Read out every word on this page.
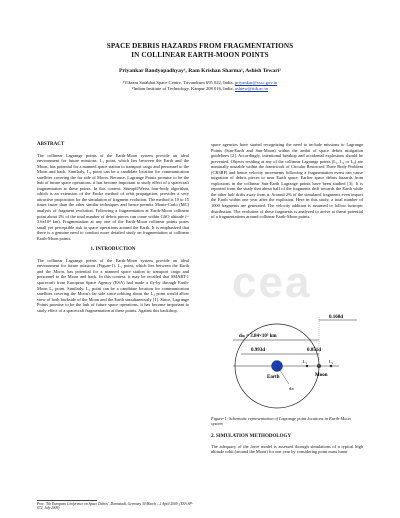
SPACE DEBRIS HAZARDS FROM FRAGMENTATIONS
IN COLLINEAR EARTH-MOON POINTS
Priyankar Bandyopadhyay¹, Ram Krishan Sharma¹, Ashish Tewari²
¹Vikram Sarabhai Space Centre, Trivandrum 695 022, India, priyankar@vssc.gov.in
²Indian Institute of Technology, Kanpur 208 016, India, ashtew@iitk.ac.in
ABSTRACT

The collinear Lagrange points of the Earth-Moon system provide an ideal environment for future missions. L₁ point, which lies between the Earth and the Moon, has potential for a manned space station to transport cargo and personnel to the Moon and back. Similarly, L₂ point can be a candidate location for communication satellites covering the far side of Moon. Because, Lagrange Points promise to be the hub of future space operations, it has become important to study effect of a spacecraft fragmentation at these points. In this context, Stumpff/Weiss four-body algorithm, which is an extension of the Encke method of orbit propagation, provides a very attractive proposition for the simulation of fragment evolution. The method is 10 to 15 times faster than the other similar techniques and hence permits Monte-Carlo (MC) analysis of fragment evolution. Following a fragmentation at Earth-Moon collinear point about 2% of the total number of debris pieces can come within GSO altitude (~ 3.6x10⁴ km). Fragmentation at any one of the Earth-Moon collinear points poses small yet perceptible risk to space operations around the Earth. It is emphasized that there is a genuine need to conduct more detailed study on fragmentation at collinear Earth-Moon points.

1. INTRODUCTION

The collinear Lagrange points of the Earth-Moon system provide an ideal environment for future missions (Figure-1). L₁ point, which lies between the Earth and the Moon, has potential for a manned space station to transport cargo and personnel to the Moon and back. In this context, it may be recalled that SMART-1 spacecraft from European Space Agency (ESA) had made a fly-by through Earth-Moon L₁ point. Similarly, L₂ point can be a candidate location for communication satellites covering the Moon's far side since orbiting about the L₂ point would allow view of both backside of the Moon and the Earth simultaneously [1]. Since, Lagrange Points promise to be the hub of future space operations, it has become important to study effect of a spacecraft fragmentation at these points. Against this backdrop,

space agencies have started recognizing the need to include missions to Lagrange Points (Sun-Earth and Sun-Moon) within the ambit of space debris mitigation guidelines [2]. Accordingly, intentional breakup and accidental explosions should be prevented. Objects residing at any of the collinear Lagrange points (L₁, L₂ or L₃) are nominally unstable within the framework of Circular Restricted Three Body Problem (CR3BP) and hence velocity increments following a fragmentation event can cause migration of debris pieces to near Earth space. Earlier space debris hazards from explosions in the collinear Sun-Earth Lagrange points have been studied [3]. It is reported from the study that about half of the fragments drift towards the Earth while the other half drifts away from it. Around 2% of the simulated fragments even impact the Earth within one year after the explosion. Here in this study, a total number of 1000 fragments are generated. The velocity addition is assumed to follow isotropic distribution. The evolution of these fragments is analyzed to arrive at threat potential of a fragmentations around collinear Earth-Moon points.

cea
0.168d
dₘ = 3.84×10⁵ km
0.993d	0.051d
Earth
L₁
Moon
L₂
dₘ
Figure-1: Schematic representation of Lagrange point locations in Earth-Moon system
2. SIMULATION METHODOLOGY

The adequacy of the force model is assessed through simulations of a typical high altitude orbit (around the Moon) for one year by considering point mass lunar

Proc. '5th European Conference on Space Debris', Darmstadt, Germany 30 March – 2 April 2009, (ESA SP-672, July 2009)
